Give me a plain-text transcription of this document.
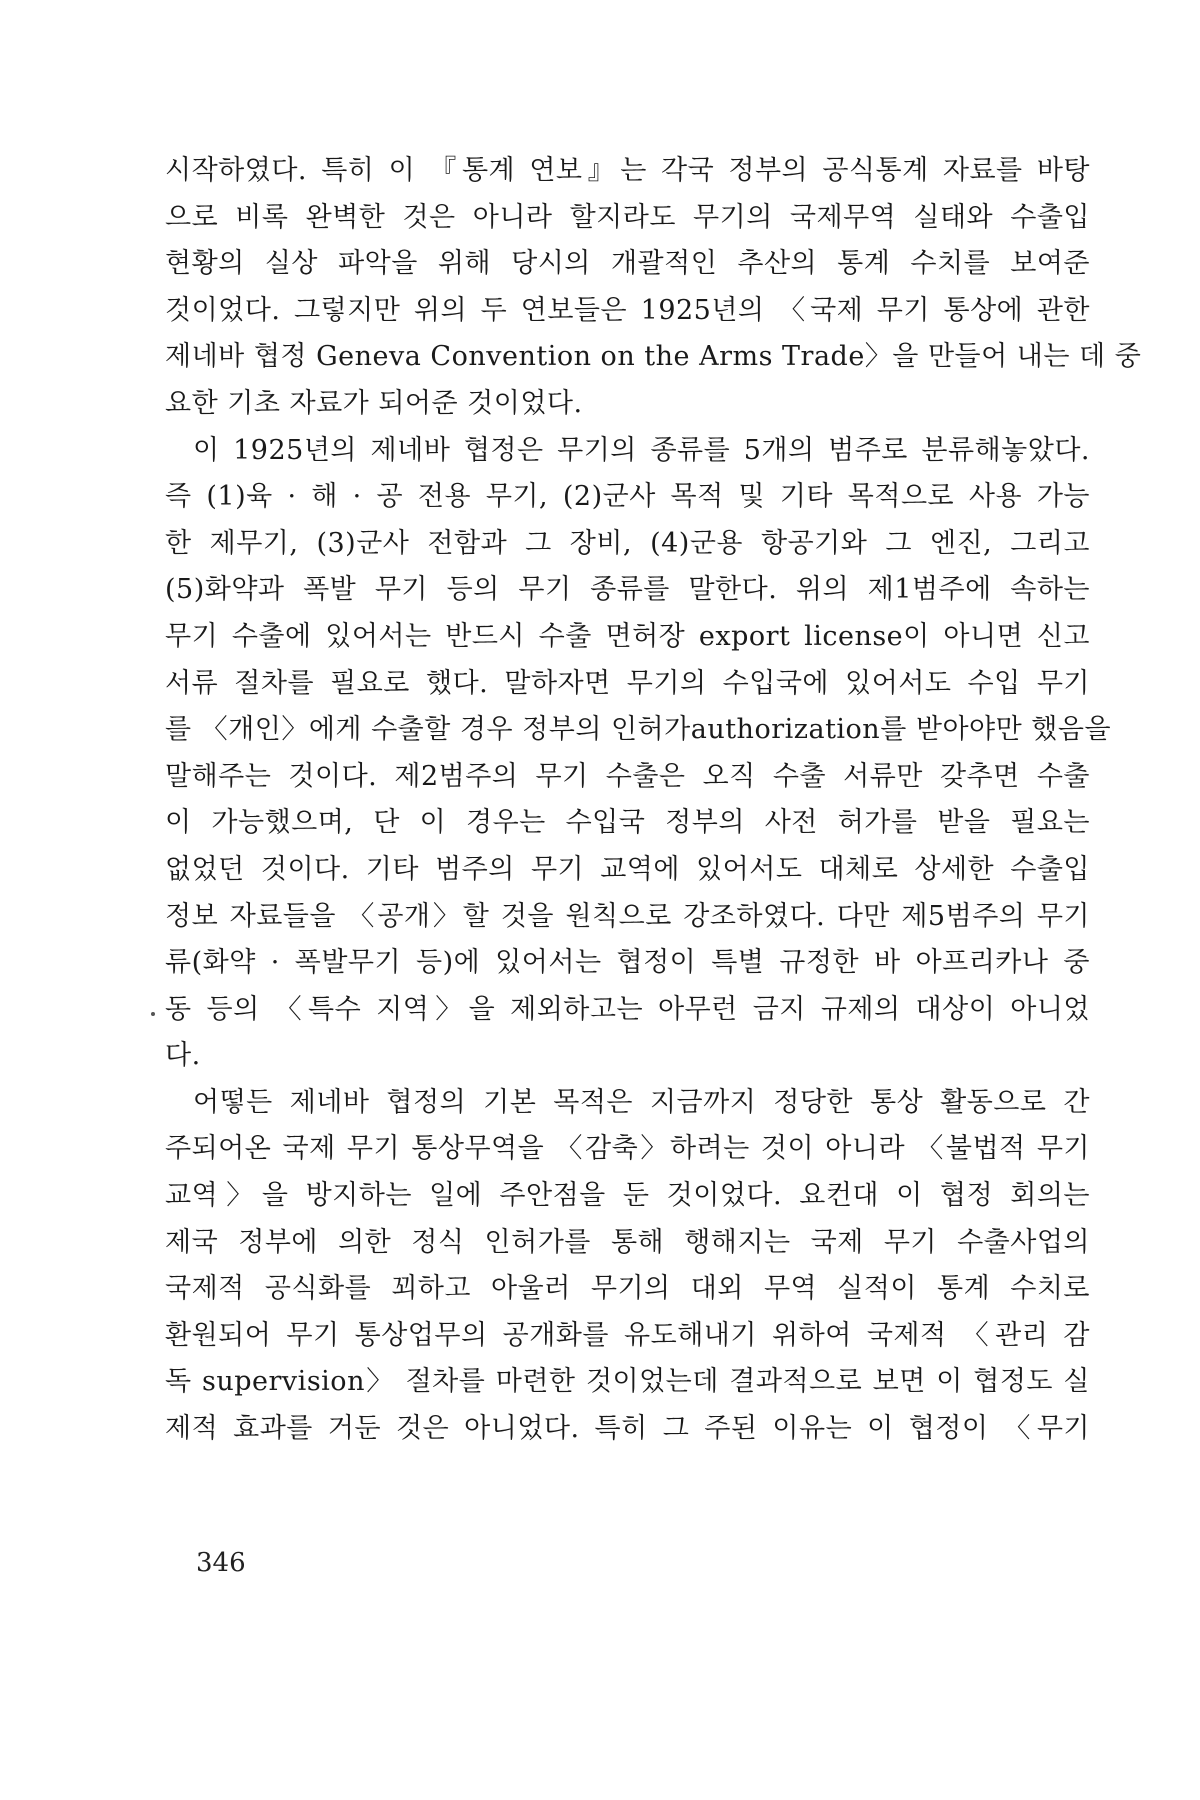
시작하였다. 특히 이 『통계 연보』는 각국 정부의 공식통계 자료를 바탕
으로 비록 완벽한 것은 아니라 할지라도 무기의 국제무역 실태와 수출입
현황의 실상 파악을 위해 당시의 개괄적인 추산의 통계 수치를 보여준
것이었다. 그렇지만 위의 두 연보들은 1925년의 〈국제 무기 통상에 관한
제네바 협정 Geneva Convention on the Arms Trade〉을 만들어 내는 데 중
요한 기초 자료가 되어준 것이었다.
이 1925년의 제네바 협정은 무기의 종류를 5개의 범주로 분류해놓았다.
즉 (1)육 · 해 · 공 전용 무기, (2)군사 목적 및 기타 목적으로 사용 가능
한 제무기, (3)군사 전함과 그 장비, (4)군용 항공기와 그 엔진, 그리고
(5)화약과 폭발 무기 등의 무기 종류를 말한다. 위의 제1범주에 속하는
무기 수출에 있어서는 반드시 수출 면허장 export license이 아니면 신고
서류 절차를 필요로 했다. 말하자면 무기의 수입국에 있어서도 수입 무기
를 〈개인〉에게 수출할 경우 정부의 인허가authorization를 받아야만 했음을
말해주는 것이다. 제2범주의 무기 수출은 오직 수출 서류만 갖추면 수출
이 가능했으며, 단 이 경우는 수입국 정부의 사전 허가를 받을 필요는
없었던 것이다. 기타 범주의 무기 교역에 있어서도 대체로 상세한 수출입
정보 자료들을 〈공개〉할 것을 원칙으로 강조하였다. 다만 제5범주의 무기
류(화약 · 폭발무기 등)에 있어서는 협정이 특별 규정한 바 아프리카나 중
동 등의 〈특수 지역〉을 제외하고는 아무런 금지 규제의 대상이 아니었
다.
어떻든 제네바 협정의 기본 목적은 지금까지 정당한 통상 활동으로 간
주되어온 국제 무기 통상무역을 〈감축〉하려는 것이 아니라 〈불법적 무기
교역〉을 방지하는 일에 주안점을 둔 것이었다. 요컨대 이 협정 회의는
제국 정부에 의한 정식 인허가를 통해 행해지는 국제 무기 수출사업의
국제적 공식화를 꾀하고 아울러 무기의 대외 무역 실적이 통계 수치로
환원되어 무기 통상업무의 공개화를 유도해내기 위하여 국제적 〈관리 감
독 supervision〉 절차를 마련한 것이었는데 결과적으로 보면 이 협정도 실
제적 효과를 거둔 것은 아니었다. 특히 그 주된 이유는 이 협정이 〈무기
346
